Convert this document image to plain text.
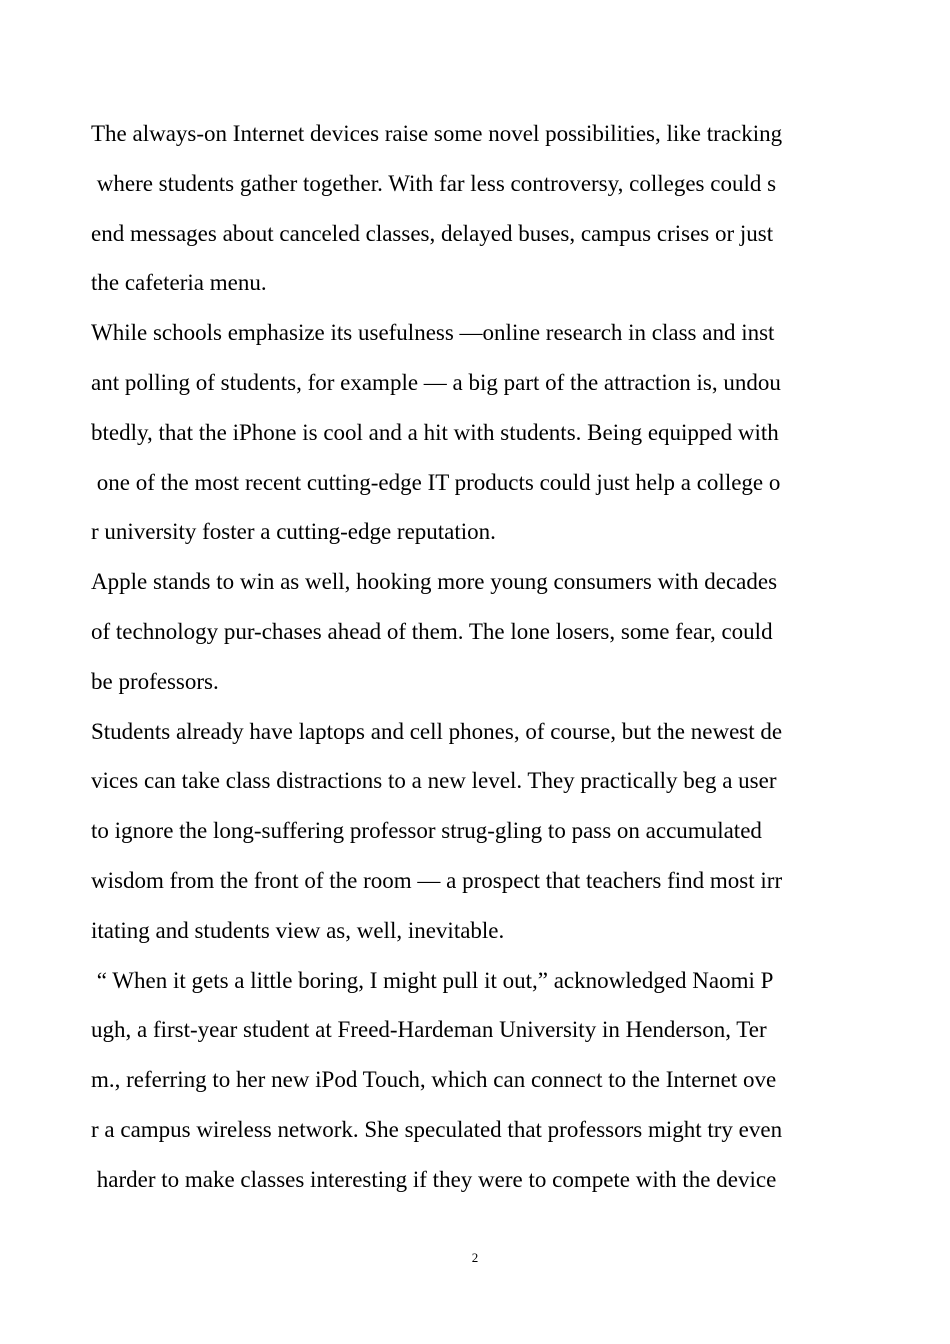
The always-on Internet devices raise some novel possibilities, like tracking
where students gather together. With far less controversy, colleges could s
end messages about canceled classes, delayed buses, campus crises or just
the cafeteria menu.
While schools emphasize its usefulness —online research in class and inst
ant polling of students, for example — a big part of the attraction is, undou
btedly, that the iPhone is cool and a hit with students. Being equipped with
one of the most recent cutting-edge IT products could just help a college o
r university foster a cutting-edge reputation.
Apple stands to win as well, hooking more young consumers with decades
of technology pur-chases ahead of them. The lone losers, some fear, could
be professors.
Students already have laptops and cell phones, of course, but the newest de
vices can take class distractions to a new level. They practically beg a user
to ignore the long-suffering professor strug-gling to pass on accumulated
wisdom from the front of the room — a prospect that teachers find most irr
itating and students view as, well, inevitable.
“ When it gets a little boring, I might pull it out,” acknowledged Naomi P
ugh, a first-year student at Freed-Hardeman University in Henderson, Ter
m., referring to her new iPod Touch, which can connect to the Internet ove
r a campus wireless network. She speculated that professors might try even
harder to make classes interesting if they were to compete with the device
2
